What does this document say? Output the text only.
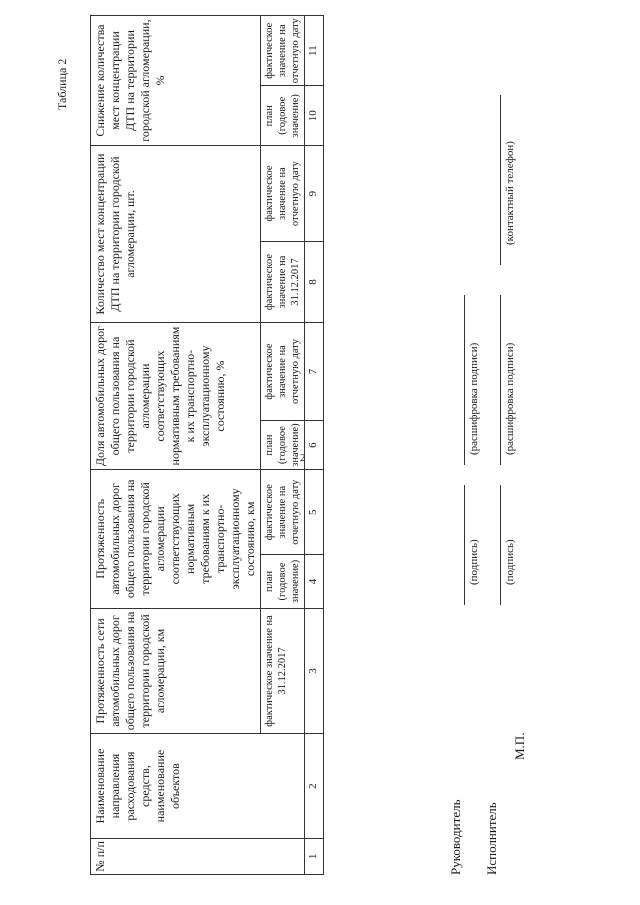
2
Таблица 2
№ п/п	Наименование направления расходования средств, наименование объектов	Протяженность сети автомобильных дорог общего пользования на территории городской агломерации, км	Протяженность автомобильных дорог общего пользования на территории городской агломерации соответствующих нормативным требованиям к их транспортно-эксплуатационному состоянию, км		Доля автомобильных дорог общего пользования на территории городской агломерации соответствующих нормативным требованиям к их транспортно-эксплуатационному состоянию, %		Количество мест концентрации ДТП на территории городской агломерации, шт.		Снижение количества мест концентрации ДТП на территории городской агломерации, %	
		фактическое значение на 31.12.2017	план (годовое значение)	фактическое значение на отчетную дату	план (годовое значение)	фактическое значение на отчетную дату	фактическое значение на 31.12.2017	фактическое значение на отчетную дату	план (годовое значение)	фактическое значение на отчетную дату
1	2	3	4	5	6	7	8	9	10	11
Руководитель
(подпись)
(расшифровка подписи)
Исполнитель
(подпись)
(расшифровка подписи)
(контактный телефон)
М.П.
